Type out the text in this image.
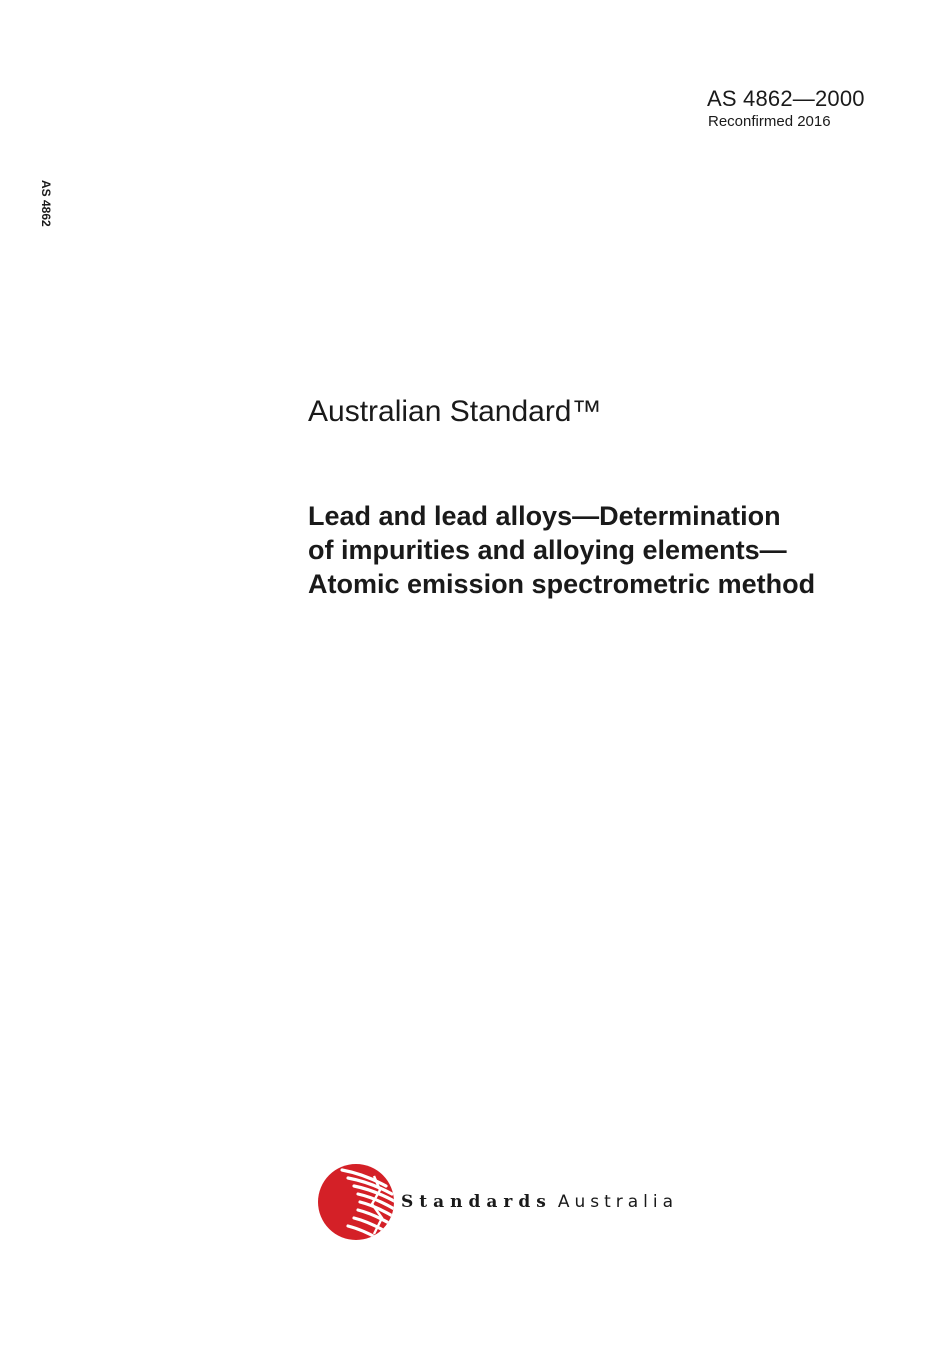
AS 4862—2000
Reconfirmed 2016
AS 4862
Australian Standard™
Lead and lead alloys—Determination
of impurities and alloying elements—
Atomic emission spectrometric method
Standards Australia
